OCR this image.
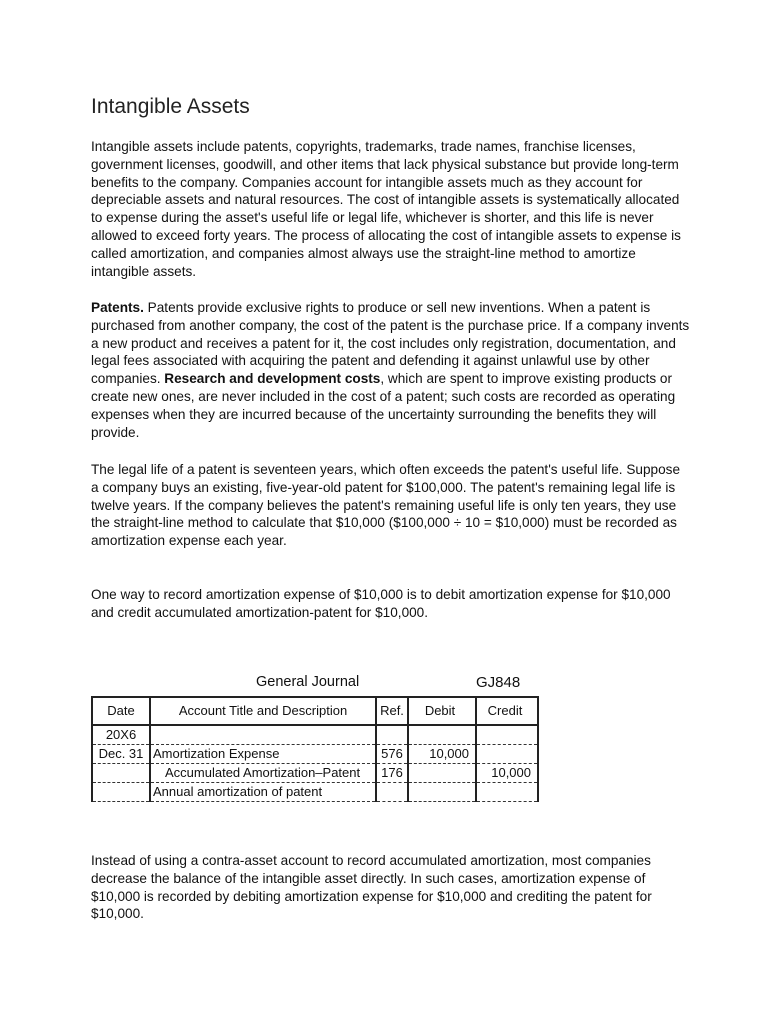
Intangible Assets

Intangible assets include patents, copyrights, trademarks, trade names, franchise licenses, government licenses, goodwill, and other items that lack physical substance but provide long-term benefits to the company. Companies account for intangible assets much as they account for depreciable assets and natural resources. The cost of intangible assets is systematically allocated to expense during the asset's useful life or legal life, whichever is shorter, and this life is never allowed to exceed forty years. The process of allocating the cost of intangible assets to expense is called amortization, and companies almost always use the straight-line method to amortize intangible assets.

Patents. Patents provide exclusive rights to produce or sell new inventions. When a patent is purchased from another company, the cost of the patent is the purchase price. If a company invents a new product and receives a patent for it, the cost includes only registration, documentation, and legal fees associated with acquiring the patent and defending it against unlawful use by other companies. Research and development costs, which are spent to improve existing products or create new ones, are never included in the cost of a patent; such costs are recorded as operating expenses when they are incurred because of the uncertainty surrounding the benefits they will provide.

The legal life of a patent is seventeen years, which often exceeds the patent's useful life. Suppose a company buys an existing, five-year-old patent for $100,000. The patent's remaining legal life is twelve years. If the company believes the patent's remaining useful life is only ten years, they use the straight-line method to calculate that $10,000 ($100,000 ÷ 10 = $10,000) must be recorded as amortization expense each year.

One way to record amortization expense of $10,000 is to debit amortization expense for $10,000 and credit accumulated amortization-patent for $10,000.

General Journal	GJ848
Date	Account Title and Description	Ref.	Debit	Credit
20X6				
Dec. 31	Amortization Expense	576	10,000	
	Accumulated Amortization–Patent	176		10,000
	Annual amortization of patent			

Instead of using a contra-asset account to record accumulated amortization, most companies decrease the balance of the intangible asset directly. In such cases, amortization expense of $10,000 is recorded by debiting amortization expense for $10,000 and crediting the patent for $10,000.
